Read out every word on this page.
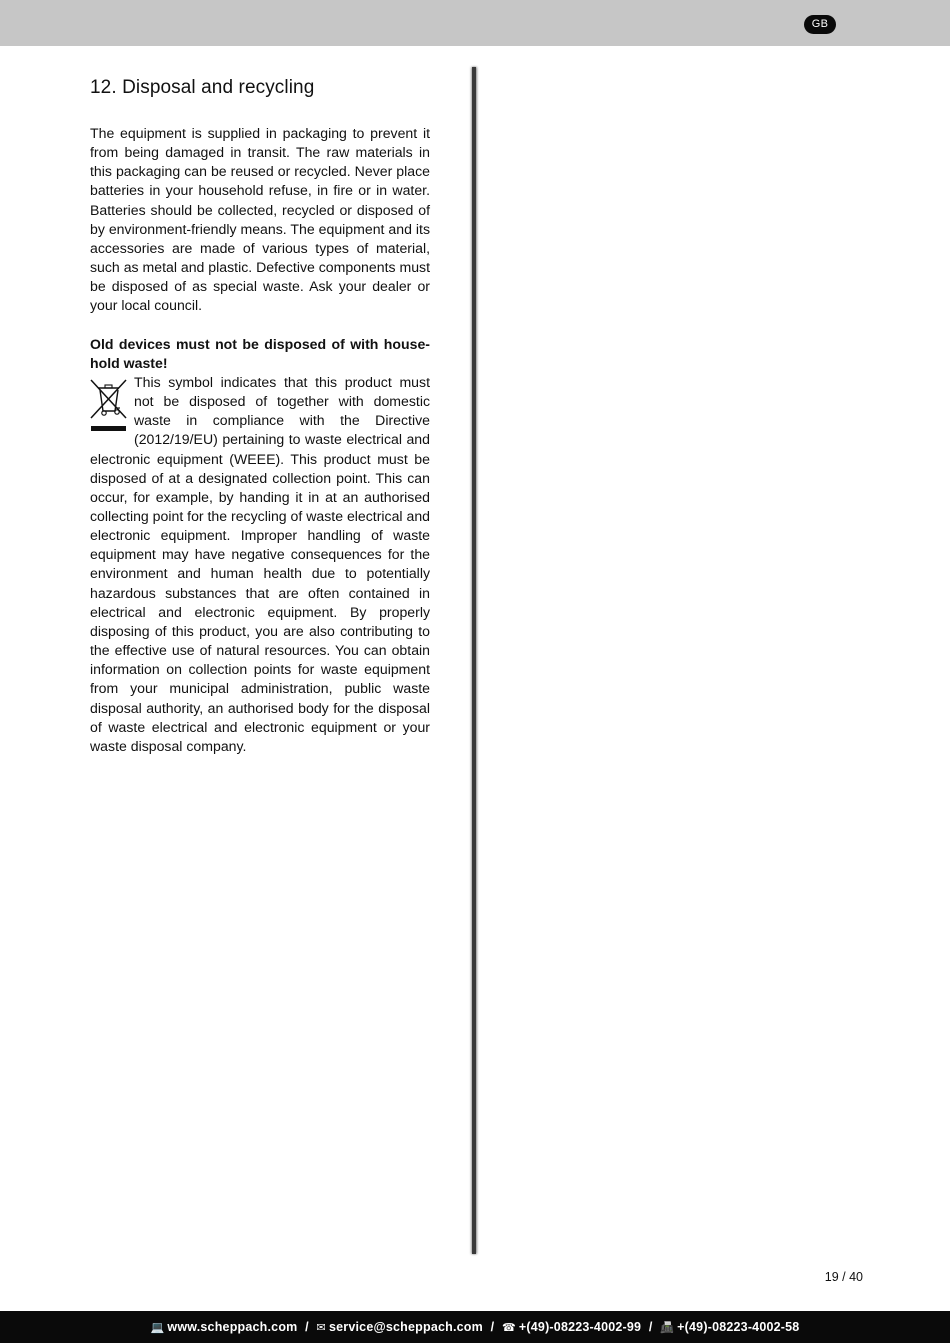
GB
12. Disposal and recycling

The equipment is supplied in packaging to prevent it from being damaged in transit. The raw materials in this packaging can be reused or recycled. Never place batteries in your household refuse, in fire or in water. Batteries should be collected, recycled or disposed of by environment-friendly means. The equipment and its accessories are made of various types of material, such as metal and plastic. Defective components must be disposed of as special waste. Ask your dealer or your local council.

Old devices must not be disposed of with household waste!

This symbol indicates that this product must not be disposed of together with domestic waste in compliance with the Directive (2012/19/EU) pertaining to waste electrical and electronic equipment (WEEE). This product must be disposed of at a designated collection point. This can occur, for example, by handing it in at an authorised collecting point for the recycling of waste electrical and electronic equipment. Improper handling of waste equipment may have negative consequences for the environment and human health due to potentially hazardous substances that are often contained in electrical and electronic equipment. By properly disposing of this product, you are also contributing to the effective use of natural resources. You can obtain information on collection points for waste equipment from your municipal administration, public waste disposal authority, an authorised body for the disposal of waste electrical and electronic equipment or your waste disposal company.

19 / 40
💻 www.scheppach.com / ✉ service@scheppach.com / ☎ +(49)-08223-4002-99 / 📠 +(49)-08223-4002-58
